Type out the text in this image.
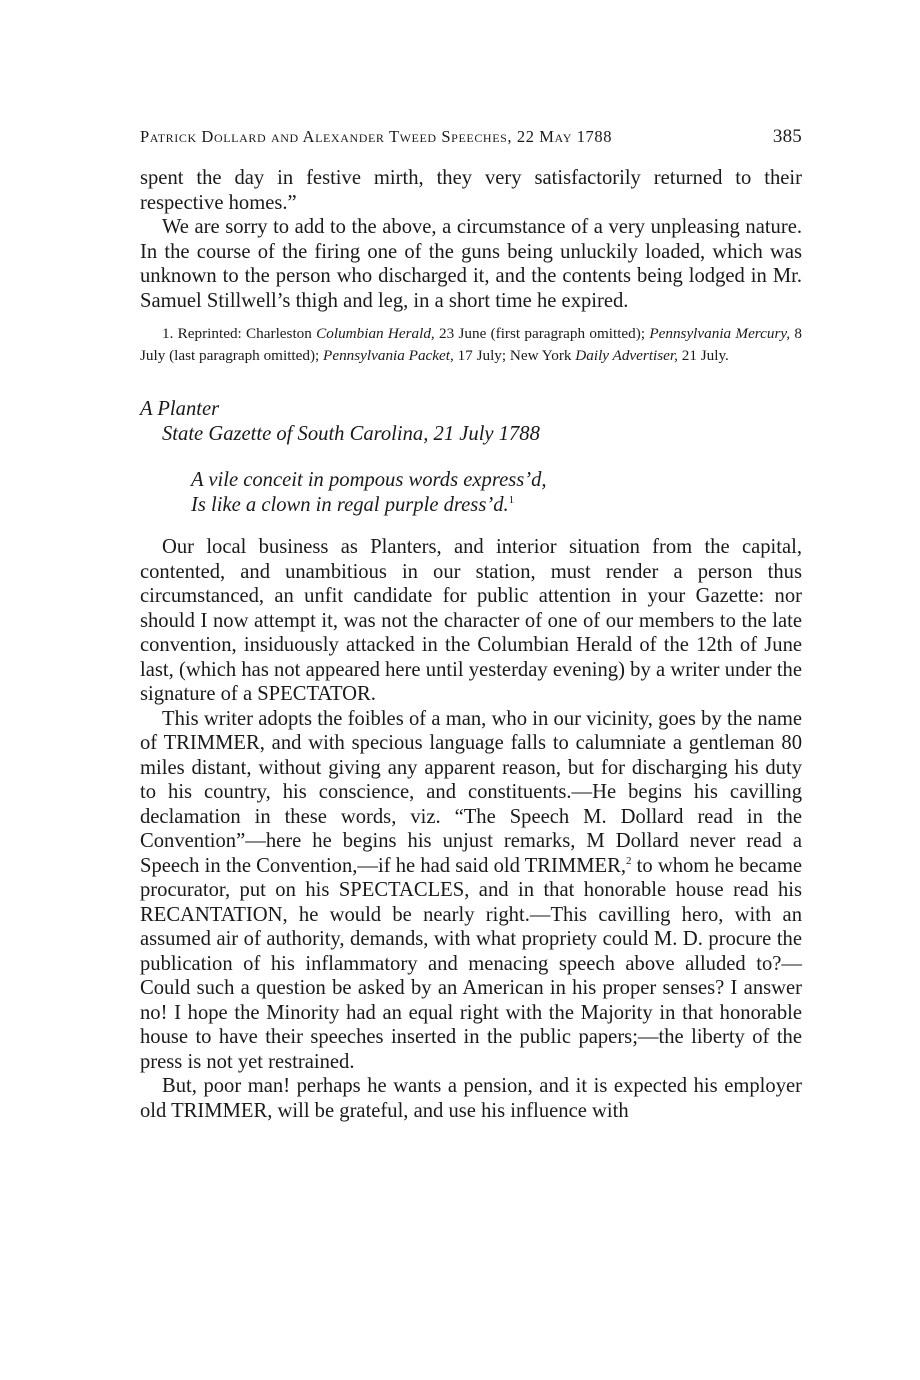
Patrick Dollard and Alexander Tweed Speeches, 22 May 1788	385

spent the day in festive mirth, they very satisfactorily returned to their respective homes.”

We are sorry to add to the above, a circumstance of a very unpleasing nature. In the course of the firing one of the guns being unluckily loaded, which was unknown to the person who discharged it, and the contents being lodged in Mr. Samuel Stillwell’s thigh and leg, in a short time he expired.

1. Reprinted: Charleston Columbian Herald, 23 June (first paragraph omitted); Pennsylvania Mercury, 8 July (last paragraph omitted); Pennsylvania Packet, 17 July; New York Daily Advertiser, 21 July.

A Planter
State Gazette of South Carolina, 21 July 1788
A vile conceit in pompous words express’d,
Is like a clown in regal purple dress’d.$^1$

Our local business as Planters, and interior situation from the capital, contented, and unambitious in our station, must render a person thus circumstanced, an unfit candidate for public attention in your Gazette: nor should I now attempt it, was not the character of one of our members to the late convention, insiduously attacked in the Columbian Herald of the 12th of June last, (which has not appeared here until yesterday evening) by a writer under the signature of a SPECTATOR.

This writer adopts the foibles of a man, who in our vicinity, goes by the name of TRIMMER, and with specious language falls to calumniate a gentleman 80 miles distant, without giving any apparent reason, but for discharging his duty to his country, his conscience, and constituents.—He begins his cavilling declamation in these words, viz. “The Speech M. Dollard read in the Convention”—here he begins his unjust remarks, M Dollard never read a Speech in the Convention,—if he had said old TRIMMER,$^2$ to whom he became procurator, put on his SPECTACLES, and in that honorable house read his RECANTATION, he would be nearly right.—This cavilling hero, with an assumed air of authority, demands, with what propriety could M. D. procure the publication of his inflammatory and menacing speech above alluded to?—Could such a question be asked by an American in his proper senses? I answer no! I hope the Minority had an equal right with the Majority in that honorable house to have their speeches inserted in the public papers;—the liberty of the press is not yet restrained.

But, poor man! perhaps he wants a pension, and it is expected his employer old TRIMMER, will be grateful, and use his influence with
